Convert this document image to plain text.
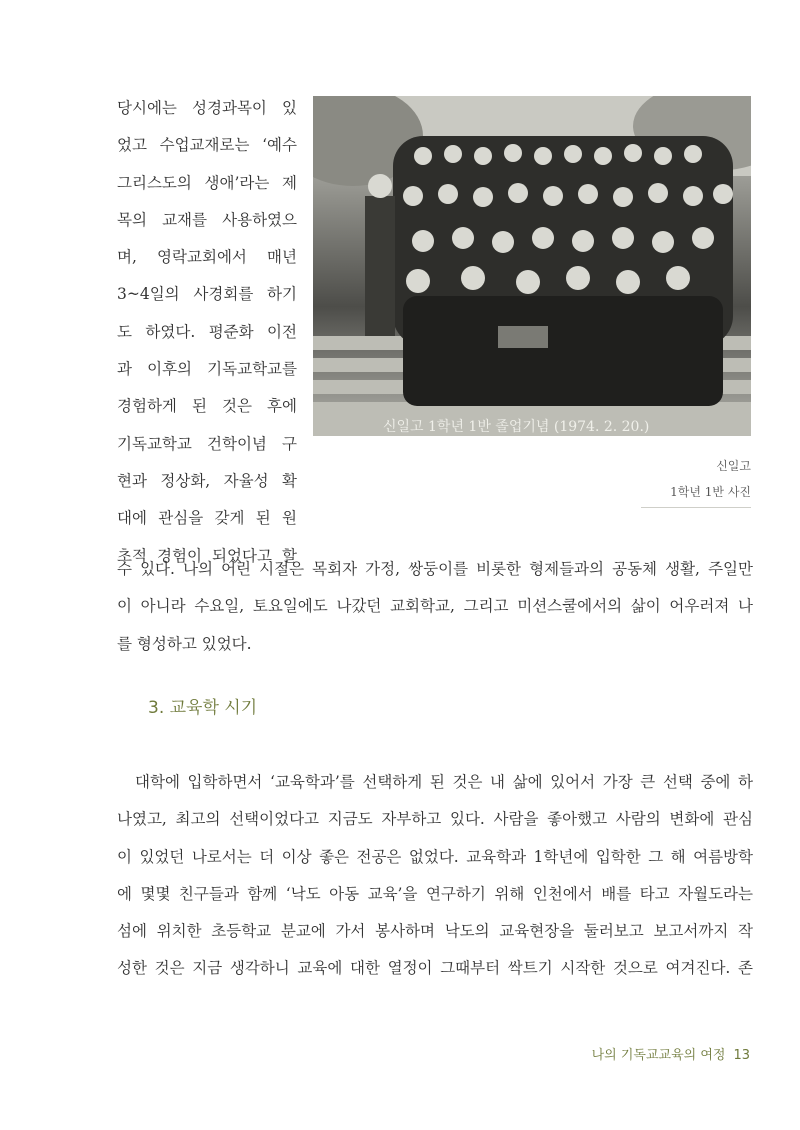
당시에는 성경과목이 있
었고 수업교재로는 ‘예수
그리스도의 생애’라는 제
목의 교재를 사용하였으
며, 영락교회에서 매년
3~4일의 사경회를 하기
도 하였다. 평준화 이전
과 이후의 기독교학교를
경험하게 된 것은 후에
기독교학교 건학이념 구
현과 정상화, 자율성 확
대에 관심을 갖게 된 원
초적 경험이 되었다고 할
신일고 1학년 1반 졸업기념 (1974. 2. 20.)
신일고
1학년 1반 사진
수 있다. 나의 어린 시절은 목회자 가정, 쌍둥이를 비롯한 형제들과의 공동체 생활, 주일만
이 아니라 수요일, 토요일에도 나갔던 교회학교, 그리고 미션스쿨에서의 삶이 어우러져 나
를 형성하고 있었다.
3. 교육학 시기
대학에 입학하면서 ‘교육학과’를 선택하게 된 것은 내 삶에 있어서 가장 큰 선택 중에 하
나였고, 최고의 선택이었다고 지금도 자부하고 있다. 사람을 좋아했고 사람의 변화에 관심
이 있었던 나로서는 더 이상 좋은 전공은 없었다. 교육학과 1학년에 입학한 그 해 여름방학
에 몇몇 친구들과 함께 ‘낙도 아동 교육’을 연구하기 위해 인천에서 배를 타고 자월도라는
섬에 위치한 초등학교 분교에 가서 봉사하며 낙도의 교육현장을 둘러보고 보고서까지 작
성한 것은 지금 생각하니 교육에 대한 열정이 그때부터 싹트기 시작한 것으로 여겨진다. 존
나의 기독교교육의 여정 13
